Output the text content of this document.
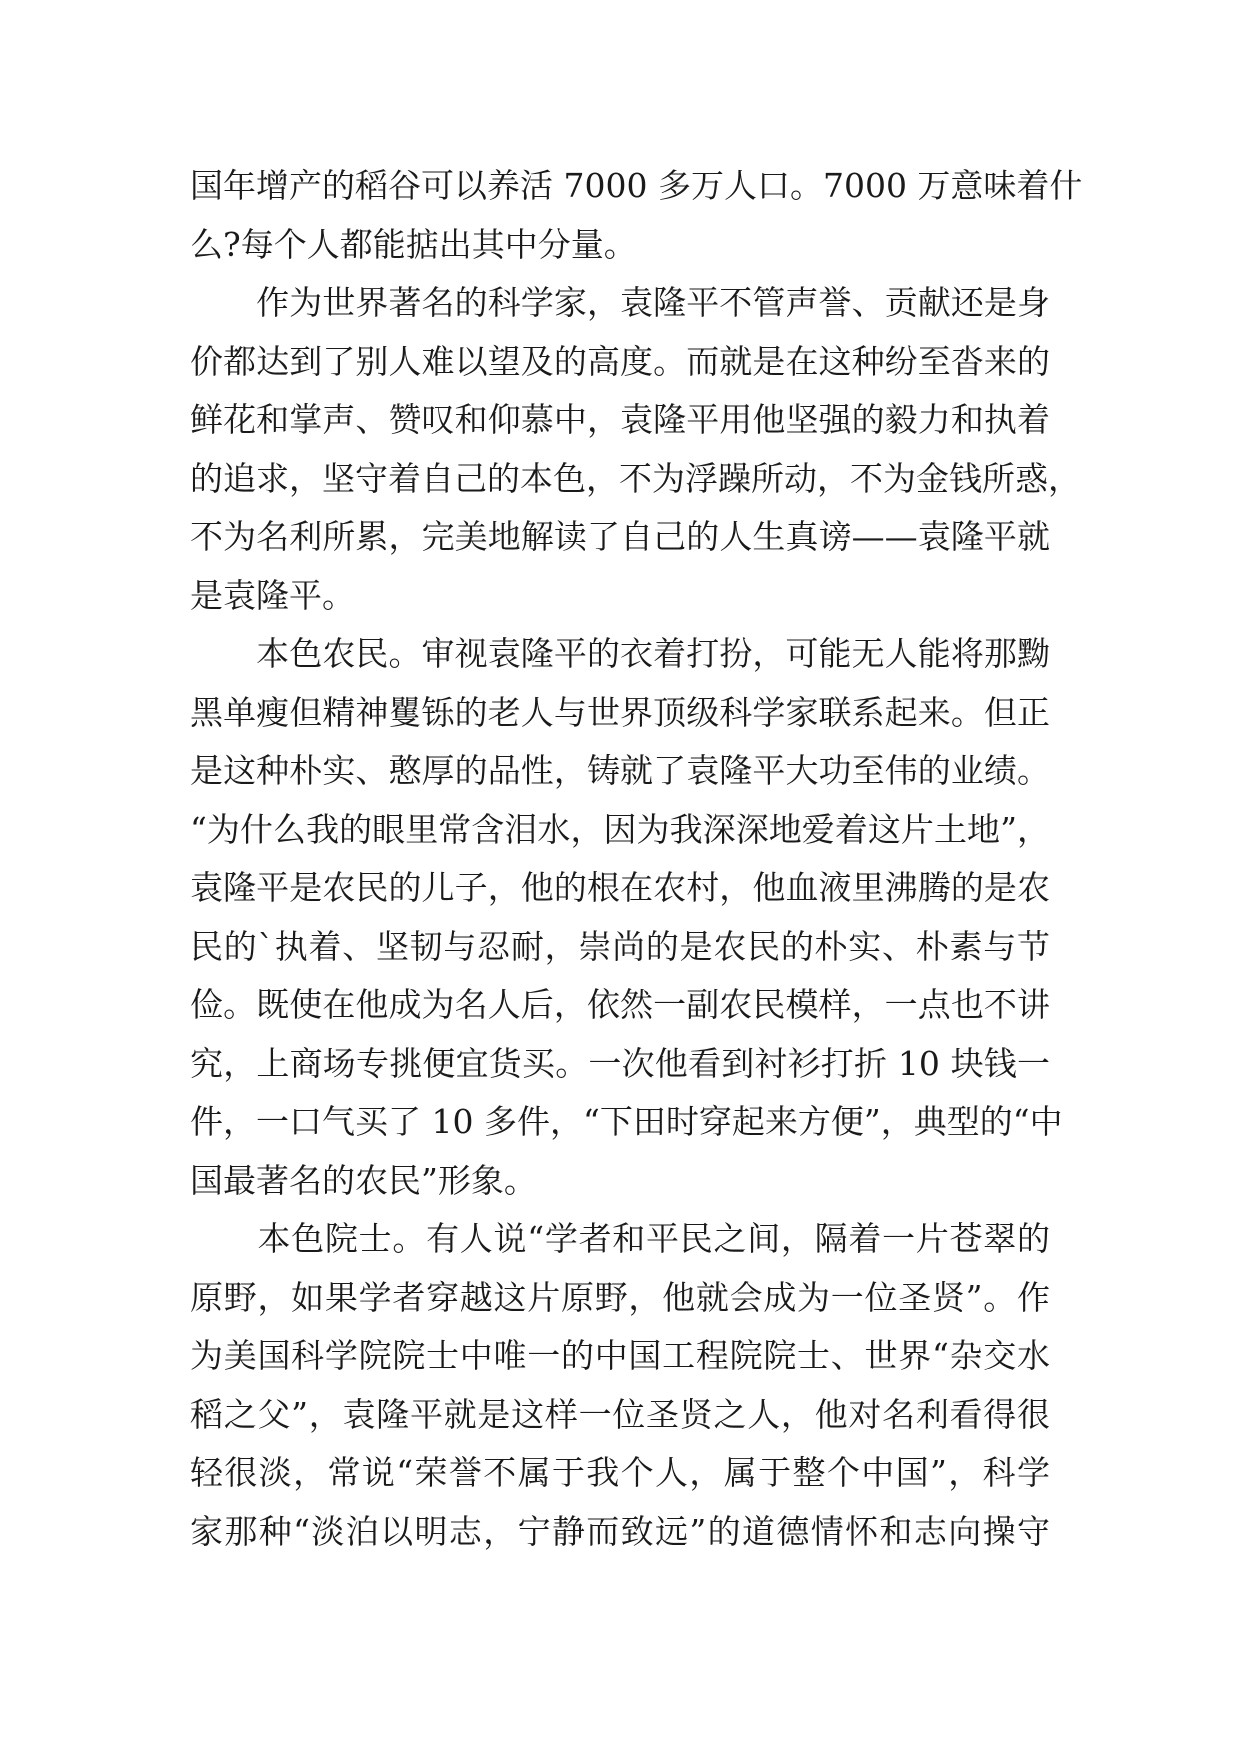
国年增产的稻谷可以养活 7000 多万人口。7000 万意味着什
么?每个人都能掂出其中分量。
　　作为世界著名的科学家，袁隆平不管声誉、贡献还是身
价都达到了别人难以望及的高度。而就是在这种纷至沓来的
鲜花和掌声、赞叹和仰慕中，袁隆平用他坚强的毅力和执着
的追求，坚守着自己的本色，不为浮躁所动，不为金钱所惑，
不为名利所累，完美地解读了自己的人生真谤——袁隆平就
是袁隆平。
　　本色农民。审视袁隆平的衣着打扮，可能无人能将那黝
黑单瘦但精神矍铄的老人与世界顶级科学家联系起来。但正
是这种朴实、憨厚的品性，铸就了袁隆平大功至伟的业绩。
“为什么我的眼里常含泪水，因为我深深地爱着这片土地”，
袁隆平是农民的儿子，他的根在农村，他血液里沸腾的是农
民的`执着、坚韧与忍耐，崇尚的是农民的朴实、朴素与节
俭。既使在他成为名人后，依然一副农民模样，一点也不讲
究，上商场专挑便宜货买。一次他看到衬衫打折 10 块钱一
件，一口气买了 10 多件，“下田时穿起来方便”，典型的“中
国最著名的农民”形象。
　　本色院士。有人说“学者和平民之间，隔着一片苍翠的
原野，如果学者穿越这片原野，他就会成为一位圣贤”。作
为美国科学院院士中唯一的中国工程院院士、世界“杂交水
稻之父”，袁隆平就是这样一位圣贤之人，他对名利看得很
轻很淡，常说“荣誉不属于我个人，属于整个中国”，科学
家那种“淡泊以明志，宁静而致远”的道德情怀和志向操守
